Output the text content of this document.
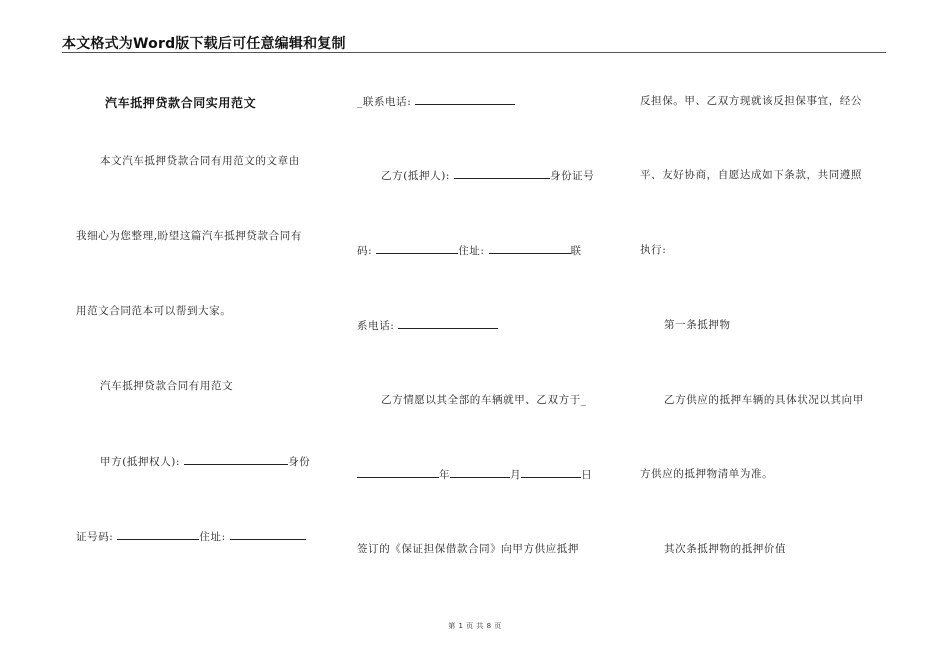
本文格式为Word版下载后可任意编辑和复制
汽车抵押贷款合同实用范文
本文汽车抵押贷款合同有用范文的文章由
我细心为您整理,盼望这篇汽车抵押贷款合同有
用范文合同范本可以帮到大家。
汽车抵押贷款合同有用范文
甲方(抵押权人):	身份
证号码:	住址:
_联系电话:
乙方(抵押人):	身份证号
码:	住址:	联
系电话:
乙方情愿以其全部的车辆就甲、乙双方于_
年	月	日
签订的《保证担保借款合同》向甲方供应抵押
反担保。甲、乙双方现就该反担保事宜，经公
平、友好协商，自愿达成如下条款，共同遵照
执行:
第一条抵押物
乙方供应的抵押车辆的具体状况以其向甲
方供应的抵押物清单为准。
其次条抵押物的抵押价值
第 1 页 共 8 页
